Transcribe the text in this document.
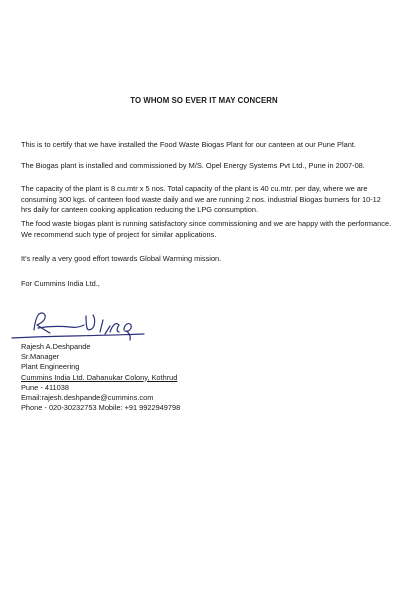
TO WHOM SO EVER IT MAY CONCERN

This is to certify that we have installed the Food Waste Biogas Plant for our canteen at our Pune Plant.

The Biogas plant is installed and commissioned by M/S. Opel Energy Systems Pvt Ltd., Pune in 2007-08.

The capacity of the plant is 8 cu.mtr x 5 nos. Total capacity of the plant is 40 cu.mtr. per day, where we are consuming 300 kgs. of canteen food waste daily and we are running 2 nos. industrial Biogas burners for 10-12 hrs daily for canteen cooking application reducing the LPG consumption.

The food waste biogas plant is running satisfactory since commissioning and we are happy with the performance. We recommend such type of project for similar applications.

It's really a very good effort towards Global Warming mission.

For Cummins India Ltd.,

5/7/09
Rajesh A.Deshpande
Sr.Manager
Plant Engineering
Cummins India Ltd. Dahanukar Colony, Kothrud
Pune - 411038
Email:rajesh.deshpande@cummins.com
Phone - 020-30232753 Mobile: +91 9922949798
